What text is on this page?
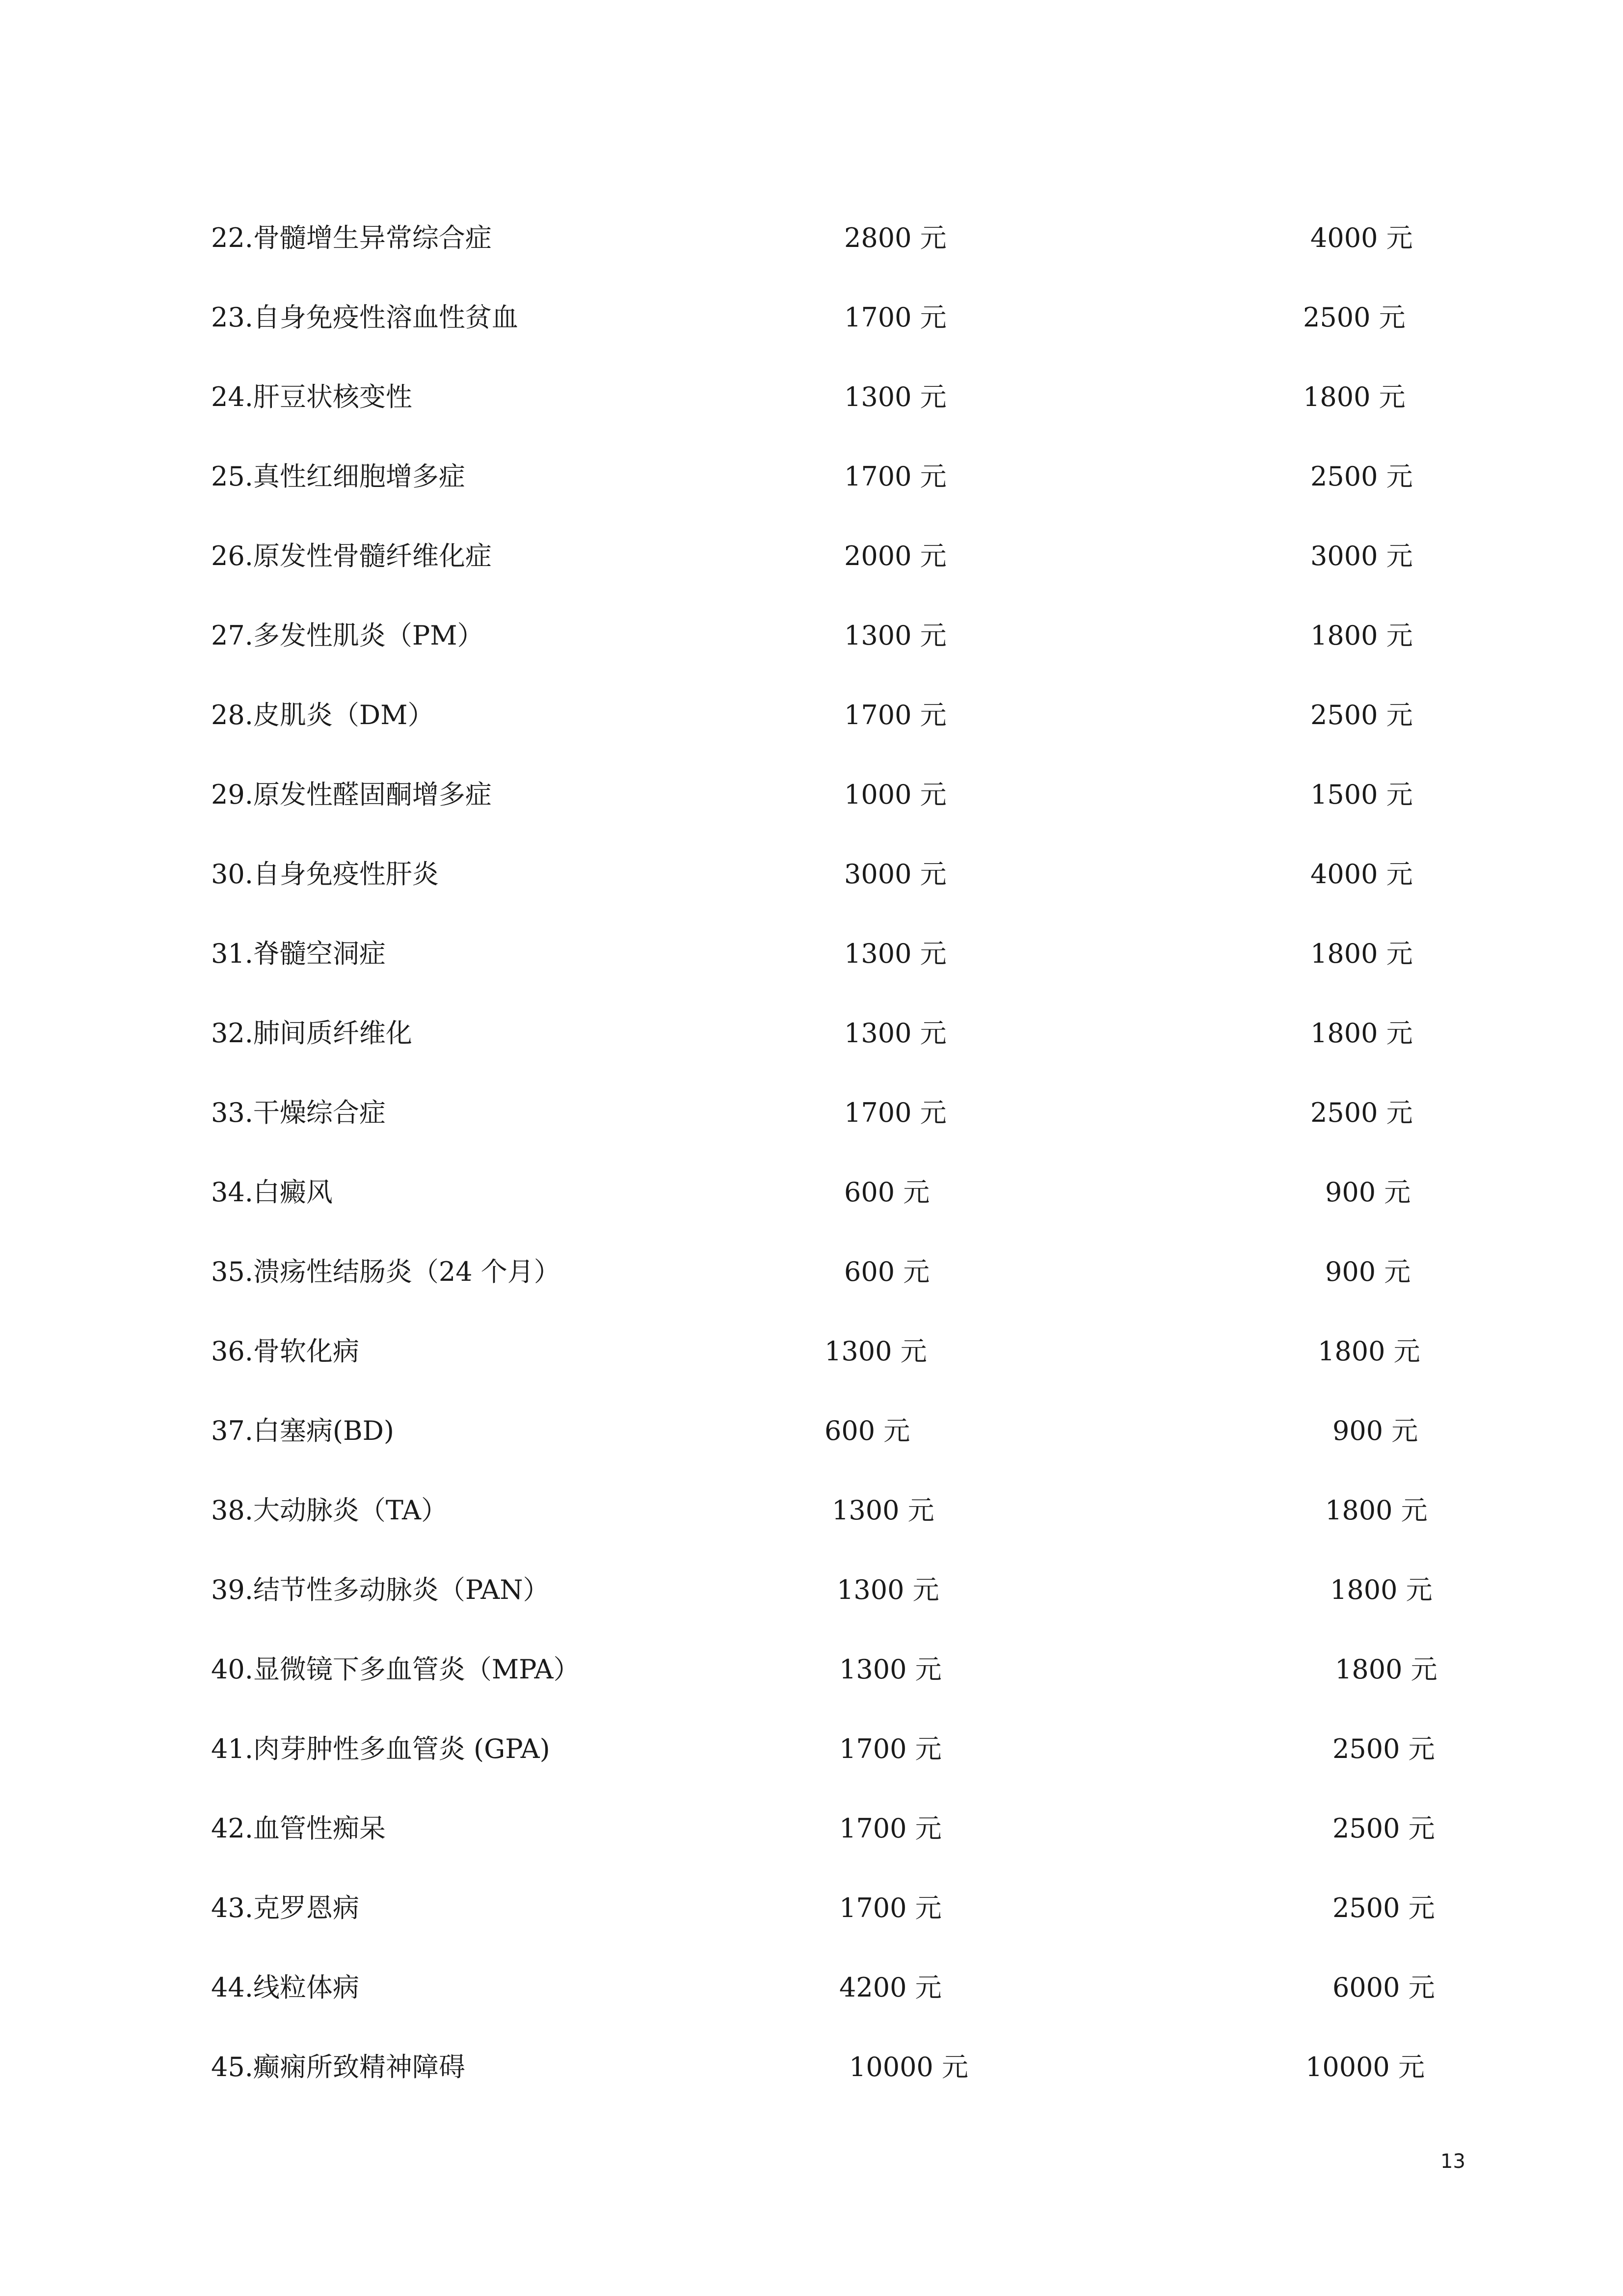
22.骨髓增生异常综合症	2800 元	4000 元
23.自身免疫性溶血性贫血	1700 元	2500 元
24.肝豆状核变性	1300 元	1800 元
25.真性红细胞增多症	1700 元	2500 元
26.原发性骨髓纤维化症	2000 元	3000 元
27.多发性肌炎（PM）	1300 元	1800 元
28.皮肌炎（DM）	1700 元	2500 元
29.原发性醛固酮增多症	1000 元	1500 元
30.自身免疫性肝炎	3000 元	4000 元
31.脊髓空洞症	1300 元	1800 元
32.肺间质纤维化	1300 元	1800 元
33.干燥综合症	1700 元	2500 元
34.白癜风	600 元	900 元
35.溃疡性结肠炎（24 个月）	600 元	900 元
36.骨软化病	1300 元	1800 元
37.白塞病(BD)	600 元	900 元
38.大动脉炎（TA）	1300 元	1800 元
39.结节性多动脉炎（PAN）	1300 元	1800 元
40.显微镜下多血管炎（MPA）	1300 元	1800 元
41.肉芽肿性多血管炎 (GPA)	1700 元	2500 元
42.血管性痴呆	1700 元	2500 元
43.克罗恩病	1700 元	2500 元
44.线粒体病	4200 元	6000 元
45.癫痫所致精神障碍	10000 元	10000 元
13
